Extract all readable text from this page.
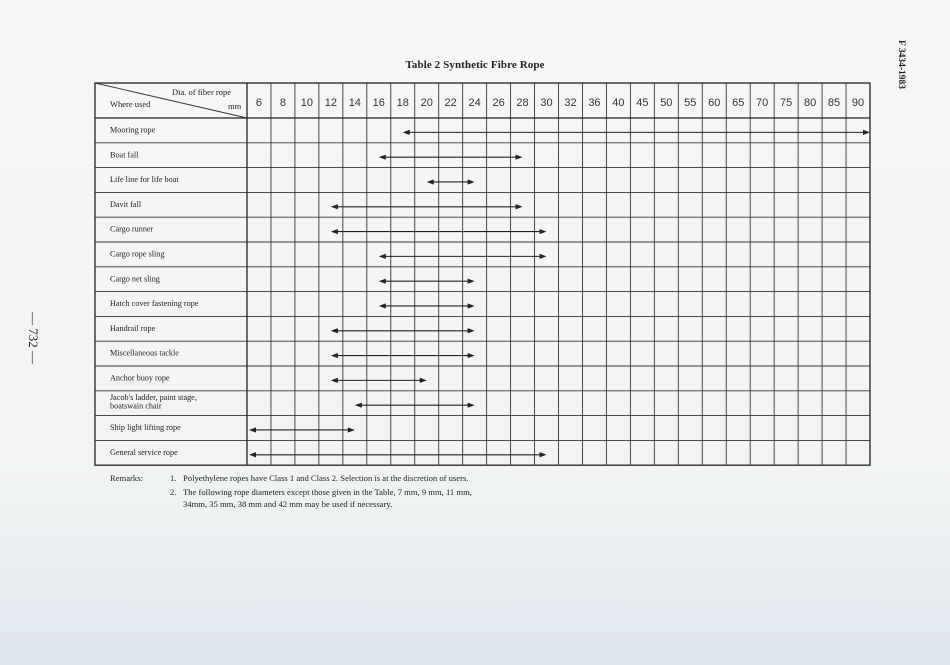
Table 2 Synthetic Fibre Rope	F 3434-1983
— 732 —
Dia. of fiber rope
Where used	mm 6 8 10 12 14 16 18 20 22 24 26 28 30 32 36 40 45 50 55 60 65 70 75 80 85 90
Mooring rope
Boat fall
Life line for life boat
Davit fall
Cargo runner
Cargo rope sling
Cargo net sling
Hatch cover fastening rope
Handrail rope
Miscellaneous tackle
Anchor buoy rope
Jacob's ladder, paint stage,
boatswain chair
Ship light lifting rope
General service rope
Remarks:	1. Polyethylene ropes have Class 1 and Class 2. Selection is at the discretion of users.
2. The following rope diameters except those given in the Table, 7 mm, 9 mm, 11 mm,
34mm, 35 mm, 38 mm and 42 mm may be used if necessary.
